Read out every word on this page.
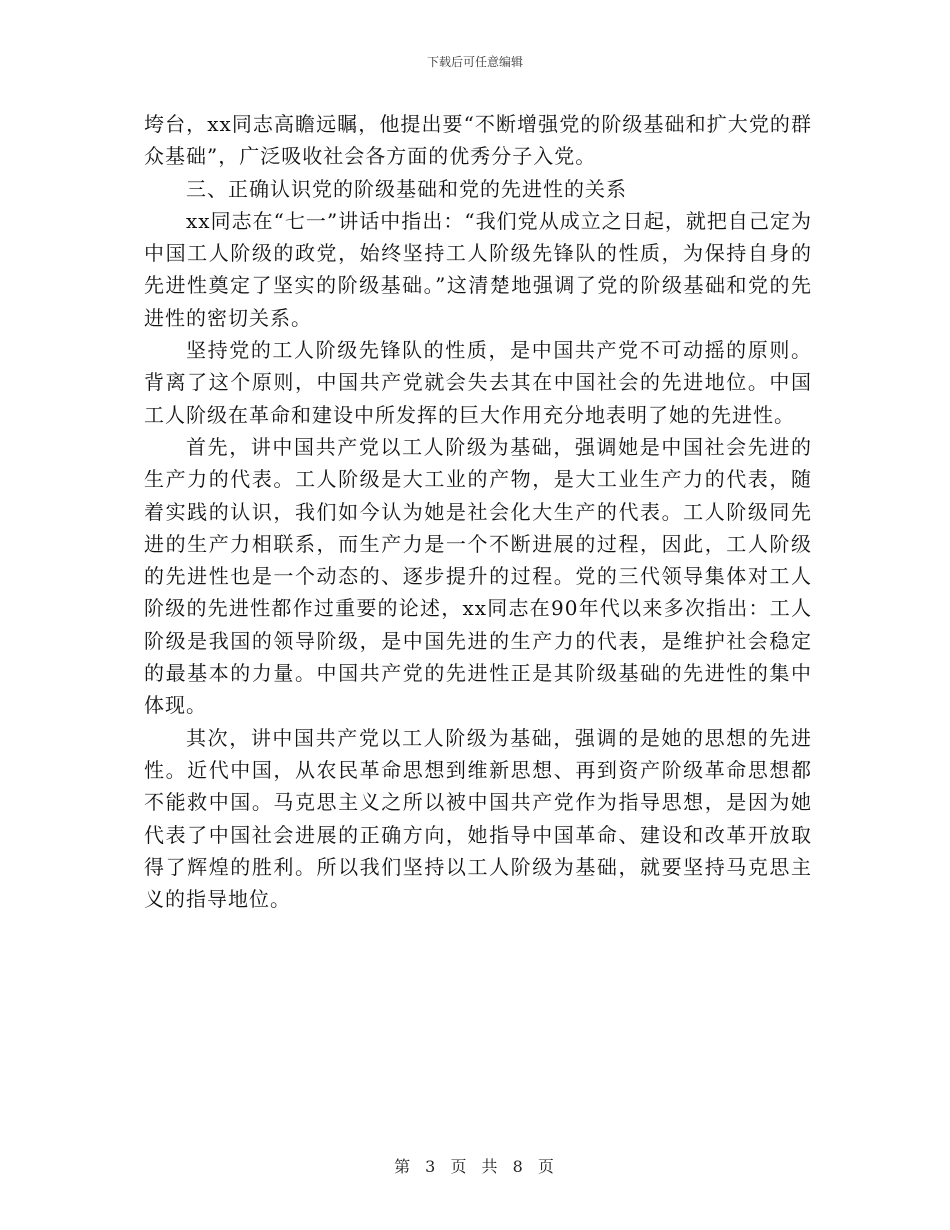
下载后可任意编辑

垮台，xx同志高瞻远瞩，他提出要“不断增强党的阶级基础和扩大党的群众基础”，广泛吸收社会各方面的优秀分子入党。

三、正确认识党的阶级基础和党的先进性的关系

xx同志在“七一”讲话中指出：“我们党从成立之日起，就把自己定为中国工人阶级的政党，始终坚持工人阶级先锋队的性质，为保持自身的先进性奠定了坚实的阶级基础。”这清楚地强调了党的阶级基础和党的先进性的密切关系。

坚持党的工人阶级先锋队的性质，是中国共产党不可动摇的原则。背离了这个原则，中国共产党就会失去其在中国社会的先进地位。中国工人阶级在革命和建设中所发挥的巨大作用充分地表明了她的先进性。

首先，讲中国共产党以工人阶级为基础，强调她是中国社会先进的生产力的代表。工人阶级是大工业的产物，是大工业生产力的代表，随着实践的认识，我们如今认为她是社会化大生产的代表。工人阶级同先进的生产力相联系，而生产力是一个不断进展的过程，因此，工人阶级的先进性也是一个动态的、逐步提升的过程。党的三代领导集体对工人阶级的先进性都作过重要的论述，xx同志在90年代以来多次指出：工人阶级是我国的领导阶级，是中国先进的生产力的代表，是维护社会稳定的最基本的力量。中国共产党的先进性正是其阶级基础的先进性的集中体现。

其次，讲中国共产党以工人阶级为基础，强调的是她的思想的先进性。近代中国，从农民革命思想到维新思想、再到资产阶级革命思想都不能救中国。马克思主义之所以被中国共产党作为指导思想，是因为她代表了中国社会进展的正确方向，她指导中国革命、建设和改革开放取得了辉煌的胜利。所以我们坚持以工人阶级为基础，就要坚持马克思主义的指导地位。

第 3 页 共 8 页
